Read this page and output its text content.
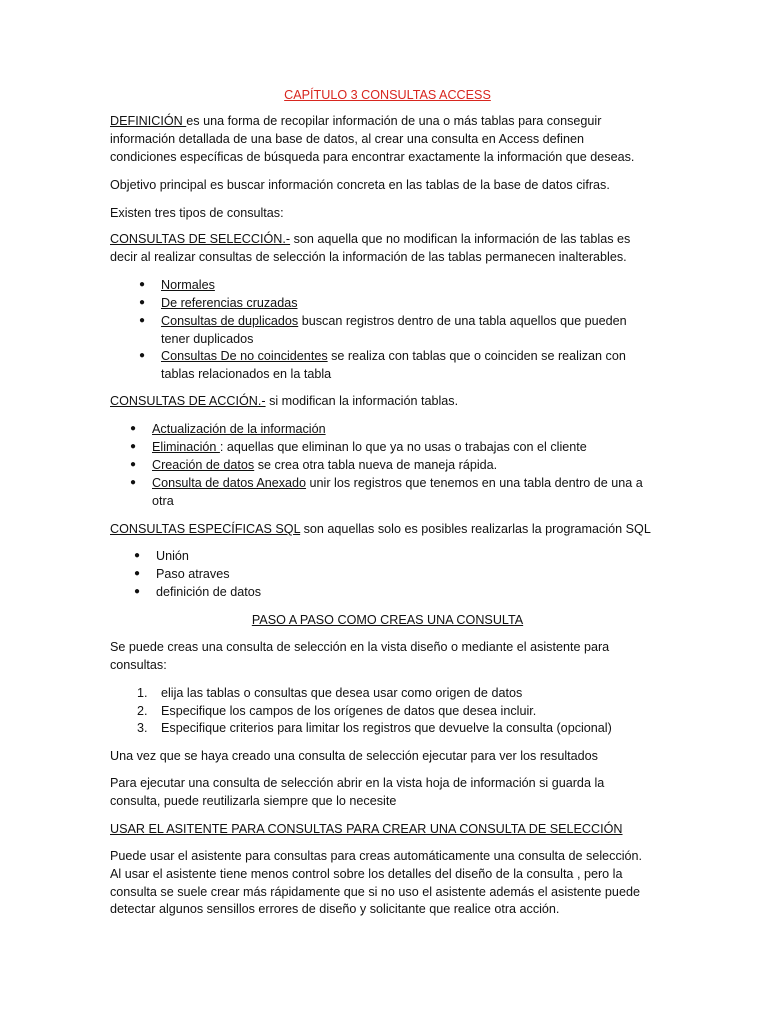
CAPÍTULO 3 CONSULTAS ACCESS
DEFINICIÓN es una forma de recopilar información de una o más tablas para conseguir
información detallada de una base de datos, al crear una consulta en Access definen
condiciones específicas de búsqueda para encontrar exactamente la información que deseas.
Objetivo principal es buscar información concreta en las tablas de la base de datos cifras.
Existen tres tipos de consultas:
CONSULTAS DE SELECCIÓN.- son aquella que no modifican la información de las tablas es
decir al realizar consultas de selección la información de las tablas permanecen inalterables.
● Normales
● De referencias cruzadas
● Consultas de duplicados buscan registros dentro de una tabla aquellos que pueden
tener duplicados
● Consultas De no coincidentes se realiza con tablas que o coinciden se realizan con
tablas relacionados en la tabla
CONSULTAS DE ACCIÓN.- si modifican la información tablas.
● Actualización de la información
● Eliminación : aquellas que eliminan lo que ya no usas o trabajas con el cliente
● Creación de datos se crea otra tabla nueva de maneja rápida.
● Consulta de datos Anexado unir los registros que tenemos en una tabla dentro de una a
otra
CONSULTAS ESPECÍFICAS SQL son aquellas solo es posibles realizarlas la programación SQL
● Unión
● Paso atraves
● definición de datos
PASO A PASO COMO CREAS UNA CONSULTA
Se puede creas una consulta de selección en la vista diseño o mediante el asistente para
consultas:
1. elija las tablas o consultas que desea usar como origen de datos
2. Especifique los campos de los orígenes de datos que desea incluir.
3. Especifique criterios para limitar los registros que devuelve la consulta (opcional)
Una vez que se haya creado una consulta de selección ejecutar para ver los resultados
Para ejecutar una consulta de selección abrir en la vista hoja de información si guarda la
consulta, puede reutilizarla siempre que lo necesite
USAR EL ASITENTE PARA CONSULTAS PARA CREAR UNA CONSULTA DE SELECCIÓN
Puede usar el asistente para consultas para creas automáticamente una consulta de selección.
Al usar el asistente tiene menos control sobre los detalles del diseño de la consulta , pero la
consulta se suele crear más rápidamente que si no uso el asistente además el asistente puede
detectar algunos sensillos errores de diseño y solicitante que realice otra acción.
